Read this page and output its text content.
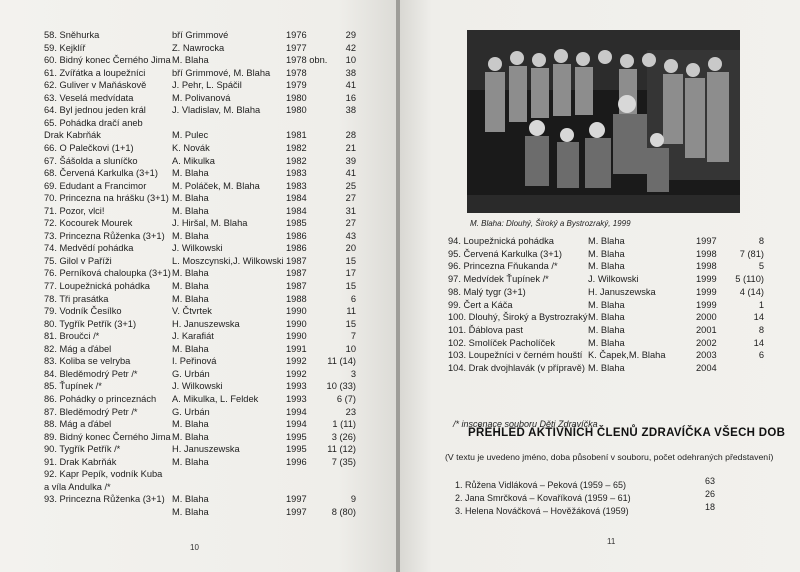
58. Sněhurka	bří Grimmové	1976	29
59. Kejklíř	Z. Nawrocka	1977	42
60. Bidný konec Černého Jima M. Blaha	1978 obn.	10
61. Zvířátka a loupežníci	bří Grimmové, M. Blaha 1978	38
62. Guliver v Maňáskově	J. Pehr, L. Spáčil	1979	41
63. Veselá medvídata	M. Polivanová	1980	16
64. Byl jednou jeden král	J. Vladislav, M. Blaha	1980	38
65. Pohádka dračí aneb
Drak Kabrňák	M. Pulec	1981	28
66. O Palečkovi (1+1)	K. Novák	1982	21
67. Šášolda a sluníčko	A. Mikulka	1982	39
68. Červená Karkulka (3+1) M. Blaha	1983	41
69. Edudant a Francimor	M. Poláček, M. Blaha	1983	25
70. Princezna na hrášku (3+1) M. Blaha	1984	27
71. Pozor, vlci!	M. Blaha	1984	31
72. Kocourek Mourek	J. Hiršal, M. Blaha	1985	27
73. Princezna Růženka (3+1) M. Blaha	1986	43
74. Medvědí pohádka	J. Wilkowski	1986	20
75. Gilol v Paříži	L. Moszcynski,J. Wilkowski 1987	15
76. Perníková chaloupka (3+1) M. Blaha	1987	17
77. Loupežnická pohádka M. Blaha	1987	15
78. Tři prasátka	M. Blaha	1988	6
79. Vodník Česílko	V. Čtvrtek	1990	11
80. Tygřík Petřík (3+1)	H. Januszewska	1990	15
81. Broučci /*	J. Karafiát	1990	7
82. Mág a ďábel	M. Blaha	1991	10
83. Koliba se velryba	I. Peřinová	1992	11 (14)
84. Bleděmodrý Petr /*	G. Urbán	1992	3
85. Ťupínek /*	J. Wilkowski	1993	10 (33)
86. Pohádky o princeznách A. Mikulka, L. Feldek	1993	6 (7)
87. Bleděmodrý Petr /*	G. Urbán	1994	23
88. Mág a ďábel	M. Blaha	1994	1 (11)
89. Bidný konec Černého Jima M. Blaha	1995	3 (26)
90. Tygřík Petřík /*	H. Januszewska	1995	11 (12)
91. Drak Kabrňák	M. Blaha	1996	7 (35)
92. Kapr Pepík, vodník Kuba
a víla Andulka /*
93. Princezna Růženka (3+1) M. Blaha	1997	9
M. Blaha	1997	8 (80)
10
11
M. Blaha: Dlouhý, Široký a Bystrozraký, 1999
94. Loupežnická pohádka	M. Blaha	1997	8
95. Červená Karkulka (3+1)	M. Blaha	1998	7 (81)
96. Princezna Fňukanda /*	M. Blaha	1998	5
97. Medvídek Ťupínek /*	J. Wilkowski	1999	5 (110)
98. Malý tygr (3+1)	H. Januszewska	1999	4 (14)
99. Čert a Káča	M. Blaha	1999	1
100. Dlouhý, Široký a Bystrozraký M. Blaha	2000	14
101. Ďáblova past	M. Blaha	2001	8
102. Smolíček Pacholíček	M. Blaha	2002	14
103. Loupežníci v černém houští K. Čapek,M. Blaha	2003	6
104. Drak dvojhlavák (v přípravě) M. Blaha	2004
/* inscenace souboru Děti Zdravíčka
PŘEHLED AKTIVNÍCH ČLENŮ ZDRAVÍČKA VŠECH DOB
(V textu je uvedeno jméno, doba působení v souboru, počet odehraných představení)
1. Růžena Vidláková – Peková (1959 – 65)	63
2. Jana Smrčková – Kovaříková (1959 – 61)	26
3. Helena Nováčková – Hověžáková (1959)	18
